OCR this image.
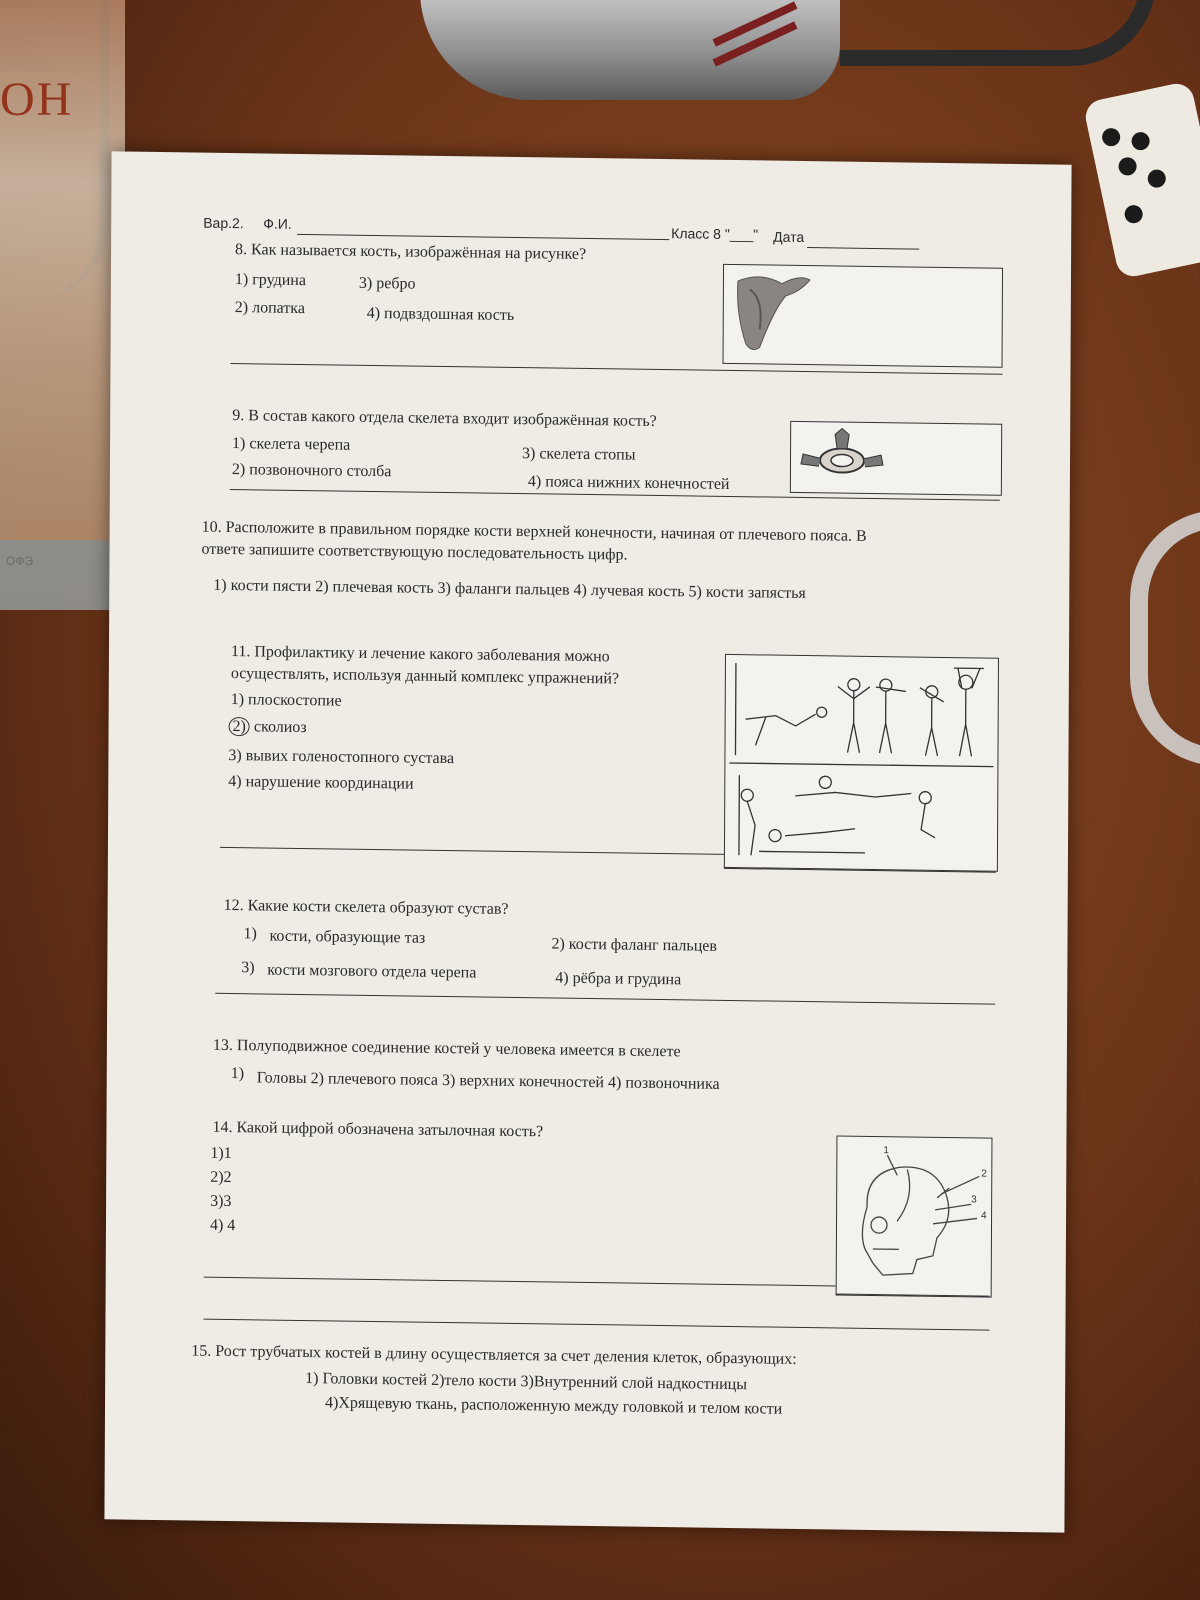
ОН
ОФЭ
Вар.2. Ф.И.
Класс 8 "___" Дата
8. Как называется кость, изображённая на рисунке?
1) грудина	3) ребро
2) лопатка	4) подвздошная кость
9. В состав какого отдела скелета входит изображённая кость?
1) скелета черепа
3) скелета стопы
2) позвоночного столба
4) пояса нижних конечностей
10. Расположите в правильном порядке кости верхней конечности, начиная от плечевого пояса. В
ответе запишите соответствующую последовательность цифр.
1) кости пясти 2) плечевая кость 3) фаланги пальцев 4) лучевая кость 5) кости запястья
11. Профилактику и лечение какого заболевания можно
осуществлять, используя данный комплекс упражнений?
1) плоскостопие
2) сколиоз
3) вывих голеностопного сустава
4) нарушение координации
12. Какие кости скелета образуют сустав?
1) кости, образующие таз	2) кости фаланг пальцев
3) кости мозгового отдела черепа	4) рёбра и грудина
13. Полуподвижное соединение костей у человека имеется в скелете
1) Головы 2) плечевого пояса 3) верхних конечностей 4) позвоночника
14. Какой цифрой обозначена затылочная кость?
1)1
2)2
3)3
4) 4
1
2
3
4
15. Рост трубчатых костей в длину осуществляется за счет деления клеток, образующих:
1) Головки костей 2)тело кости 3)Внутренний слой надкостницы
4)Хрящевую ткань, расположенную между головкой и телом кости
